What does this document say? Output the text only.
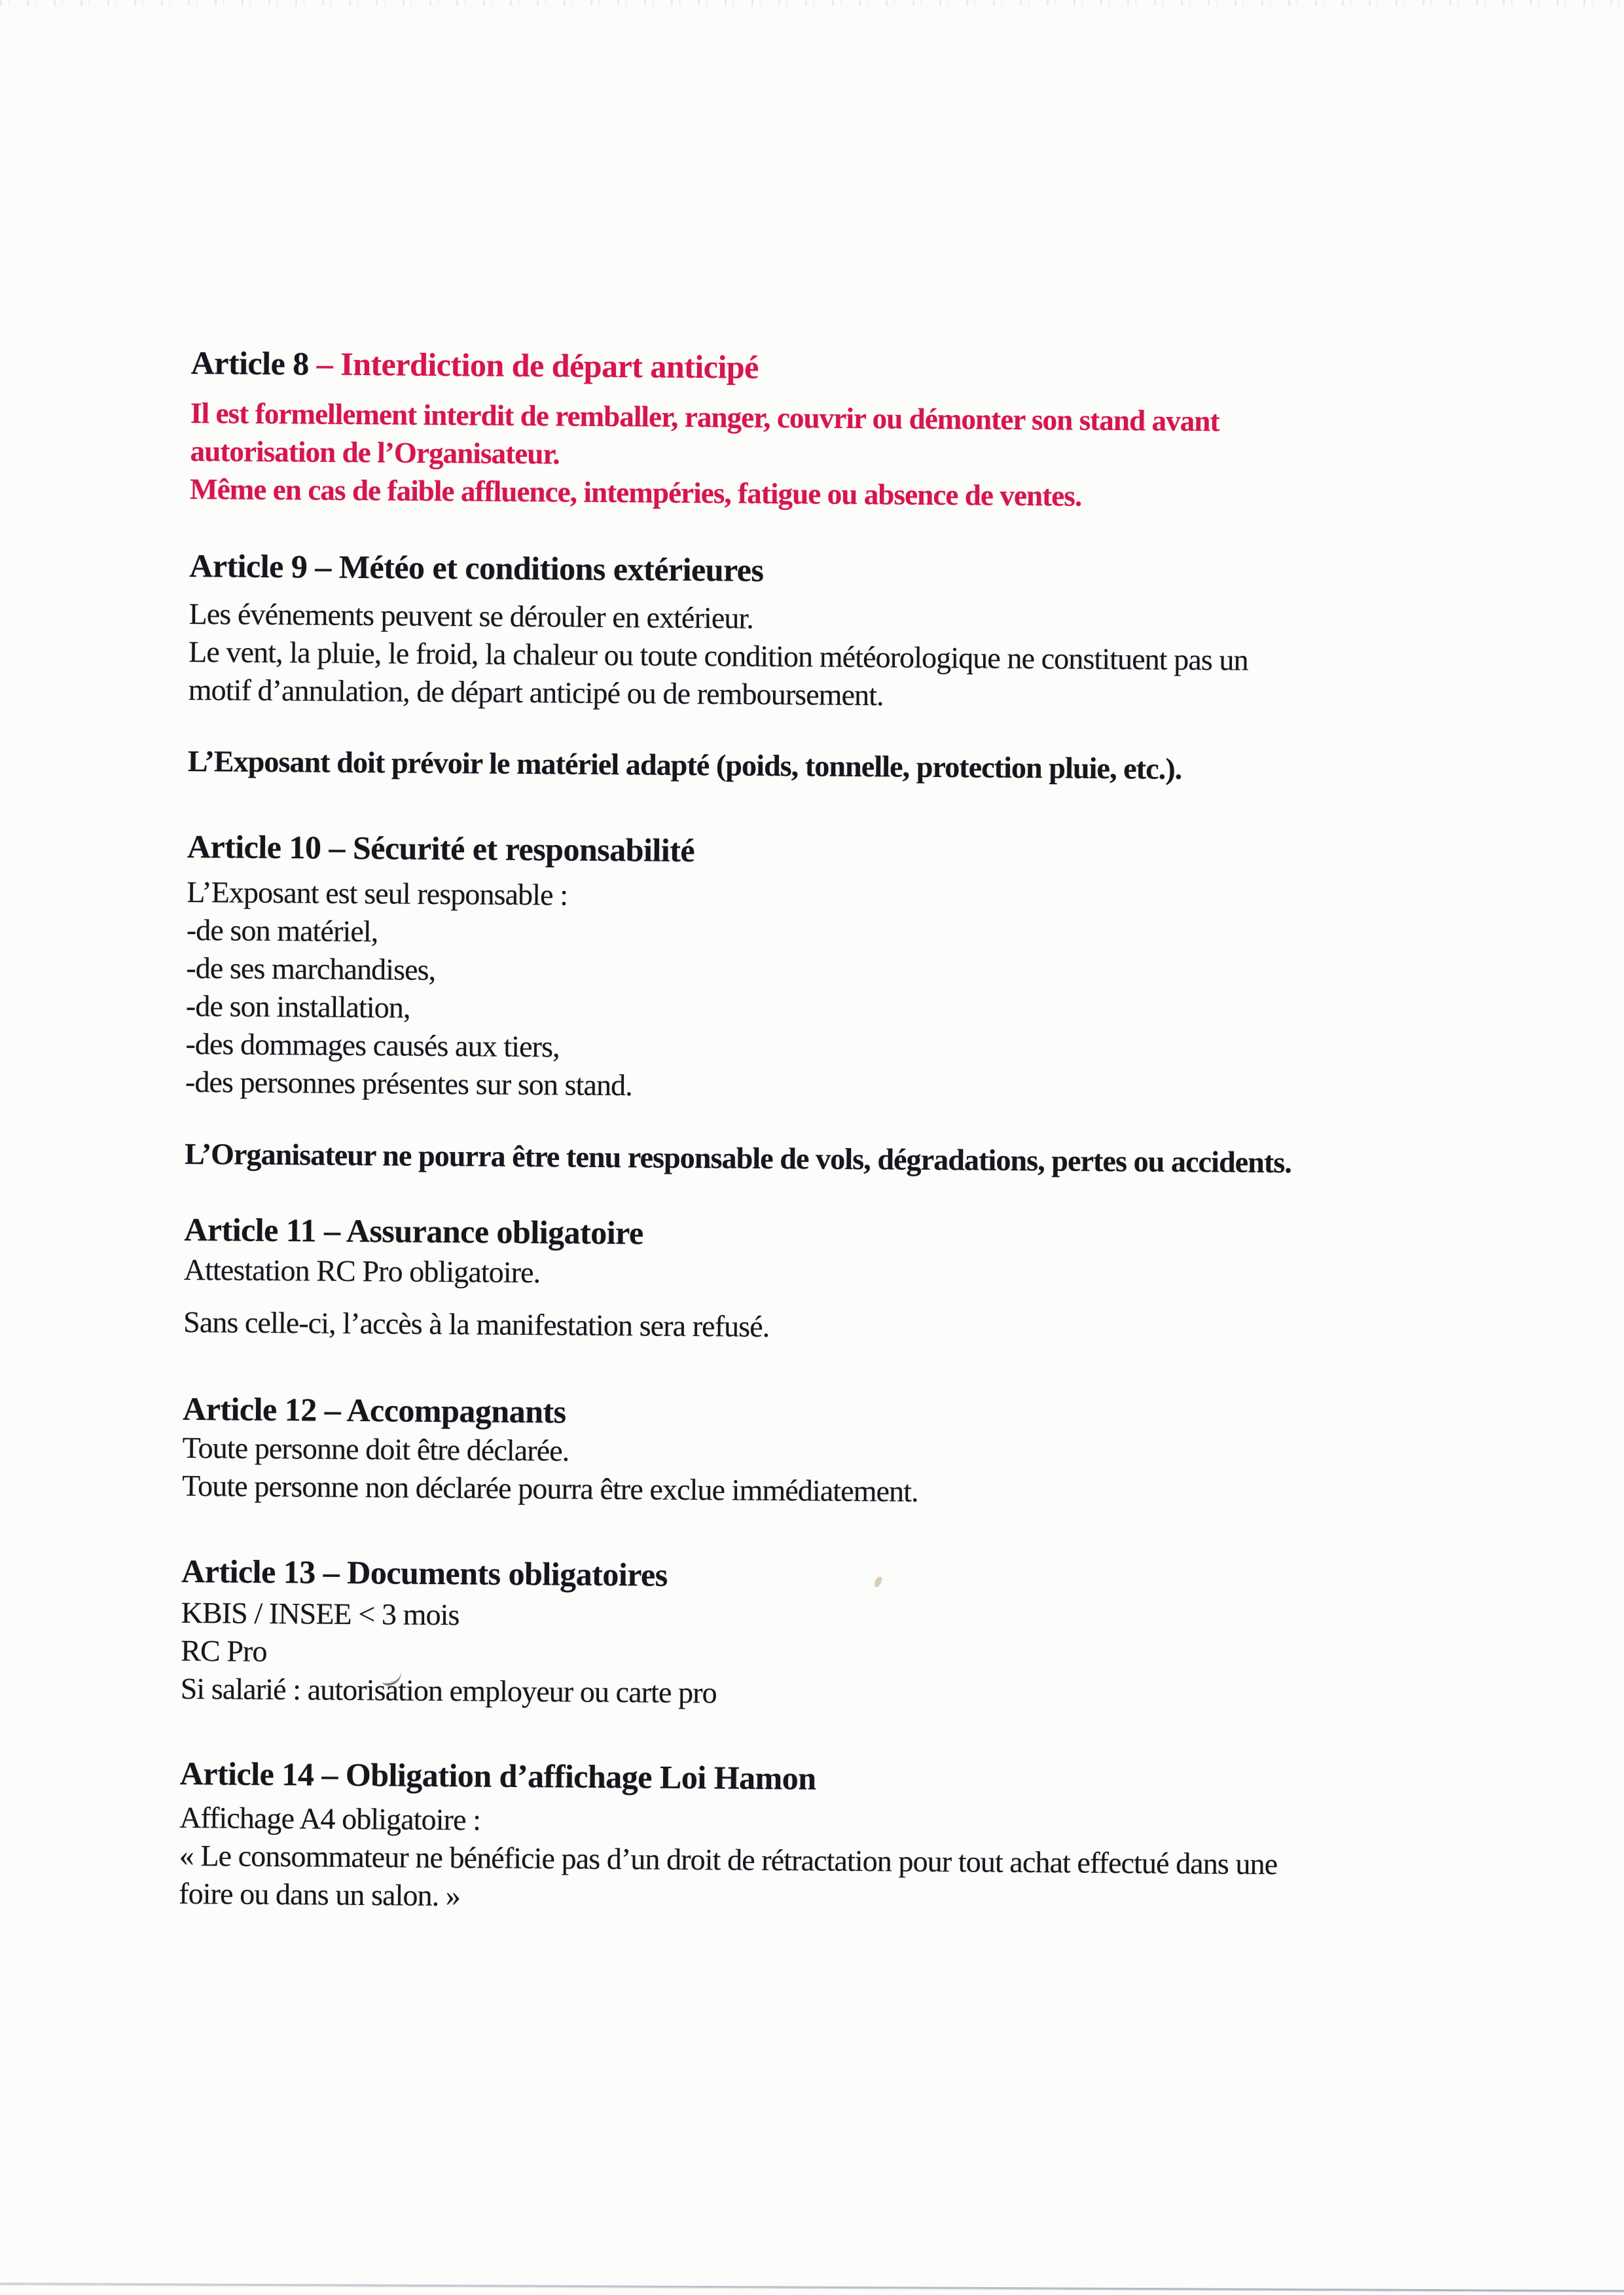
Article 8 – Interdiction de départ anticipé
Il est formellement interdit de remballer, ranger, couvrir ou démonter son stand avant
autorisation de l’Organisateur.
Même en cas de faible affluence, intempéries, fatigue ou absence de ventes.
Article 9 – Météo et conditions extérieures
Les événements peuvent se dérouler en extérieur.
Le vent, la pluie, le froid, la chaleur ou toute condition météorologique ne constituent pas un
motif d’annulation, de départ anticipé ou de remboursement.
L’Exposant doit prévoir le matériel adapté (poids, tonnelle, protection pluie, etc.).
Article 10 – Sécurité et responsabilité
L’Exposant est seul responsable :
-de son matériel,
-de ses marchandises,
-de son installation,
-des dommages causés aux tiers,
-des personnes présentes sur son stand.
L’Organisateur ne pourra être tenu responsable de vols, dégradations, pertes ou accidents.
Article 11 – Assurance obligatoire
Attestation RC Pro obligatoire.
Sans celle-ci, l’accès à la manifestation sera refusé.
Article 12 – Accompagnants
Toute personne doit être déclarée.
Toute personne non déclarée pourra être exclue immédiatement.
Article 13 – Documents obligatoires
KBIS / INSEE < 3 mois
RC Pro
Si salarié : autorisation employeur ou carte pro
Article 14 – Obligation d’affichage Loi Hamon
Affichage A4 obligatoire :
« Le consommateur ne bénéficie pas d’un droit de rétractation pour tout achat effectué dans une
foire ou dans un salon. »
